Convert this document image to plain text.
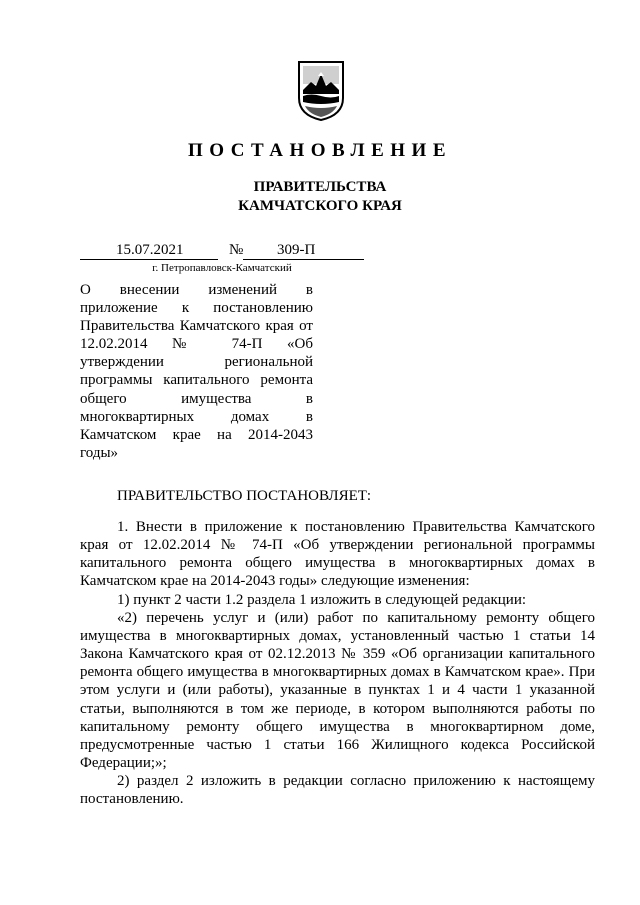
ПОСТАНОВЛЕНИЕ
ПРАВИТЕЛЬСТВА
КАМЧАТСКОГО КРАЯ
15.07.2021	№ 309-П
г. Петропавловск-Камчатский

О внесении изменений в приложение к постановлению Правительства Камчатского края от 12.02.2014 № 74-П «Об утверждении региональной программы капитального ремонта общего имущества в многоквартирных домах в Камчатском крае на 2014-2043 годы»

ПРАВИТЕЛЬСТВО ПОСТАНОВЛЯЕТ:

1. Внести в приложение к постановлению Правительства Камчатского края от 12.02.2014 № 74-П «Об утверждении региональной программы капитального ремонта общего имущества в многоквартирных домах в Камчатском крае на 2014-2043 годы» следующие изменения:

1) пункт 2 части 1.2 раздела 1 изложить в следующей редакции:

«2) перечень услуг и (или) работ по капитальному ремонту общего имущества в многоквартирных домах, установленный частью 1 статьи 14 Закона Камчатского края от 02.12.2013 № 359 «Об организации капитального ремонта общего имущества в многоквартирных домах в Камчатском крае». При этом услуги и (или работы), указанные в пунктах 1 и 4 части 1 указанной статьи, выполняются в том же периоде, в котором выполняются работы по капитальному ремонту общего имущества в многоквартирном доме, предусмотренные частью 1 статьи 166 Жилищного кодекса Российской Федерации;»;

2) раздел 2 изложить в редакции согласно приложению к настоящему постановлению.
